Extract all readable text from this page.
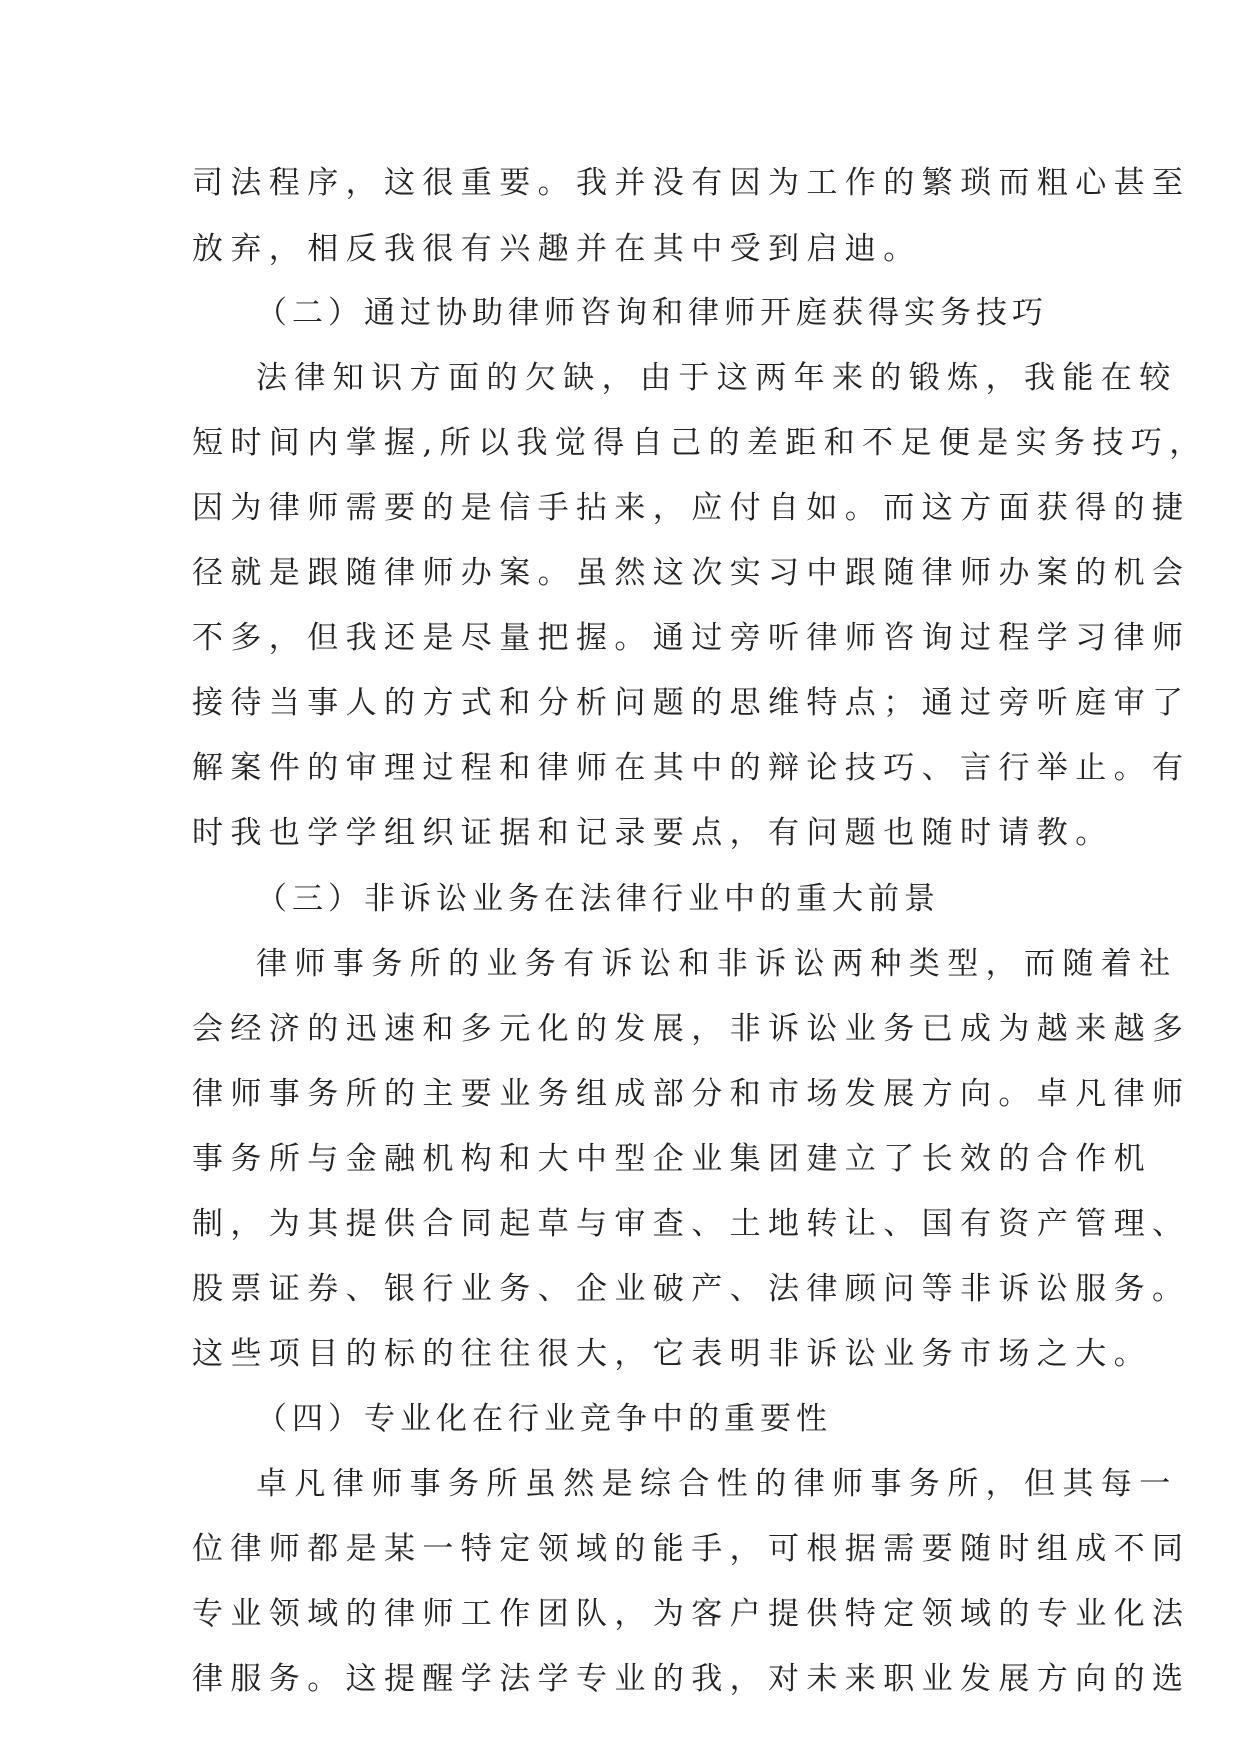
司法程序，这很重要。我并没有因为工作的繁琐而粗心甚至
放弃，相反我很有兴趣并在其中受到启迪。
（二）通过协助律师咨询和律师开庭获得实务技巧
法律知识方面的欠缺，由于这两年来的锻炼，我能在较
短时间内掌握,所以我觉得自己的差距和不足便是实务技巧，
因为律师需要的是信手拈来，应付自如。而这方面获得的捷
径就是跟随律师办案。虽然这次实习中跟随律师办案的机会
不多，但我还是尽量把握。通过旁听律师咨询过程学习律师
接待当事人的方式和分析问题的思维特点；通过旁听庭审了
解案件的审理过程和律师在其中的辩论技巧、言行举止。有
时我也学学组织证据和记录要点，有问题也随时请教。
（三）非诉讼业务在法律行业中的重大前景
律师事务所的业务有诉讼和非诉讼两种类型，而随着社
会经济的迅速和多元化的发展，非诉讼业务已成为越来越多
律师事务所的主要业务组成部分和市场发展方向。卓凡律师
事务所与金融机构和大中型企业集团建立了长效的合作机
制，为其提供合同起草与审查、土地转让、国有资产管理、
股票证券、银行业务、企业破产、法律顾问等非诉讼服务。
这些项目的标的往往很大，它表明非诉讼业务市场之大。
（四）专业化在行业竞争中的重要性
卓凡律师事务所虽然是综合性的律师事务所，但其每一
位律师都是某一特定领域的能手，可根据需要随时组成不同
专业领域的律师工作团队，为客户提供特定领域的专业化法
律服务。这提醒学法学专业的我，对未来职业发展方向的选
